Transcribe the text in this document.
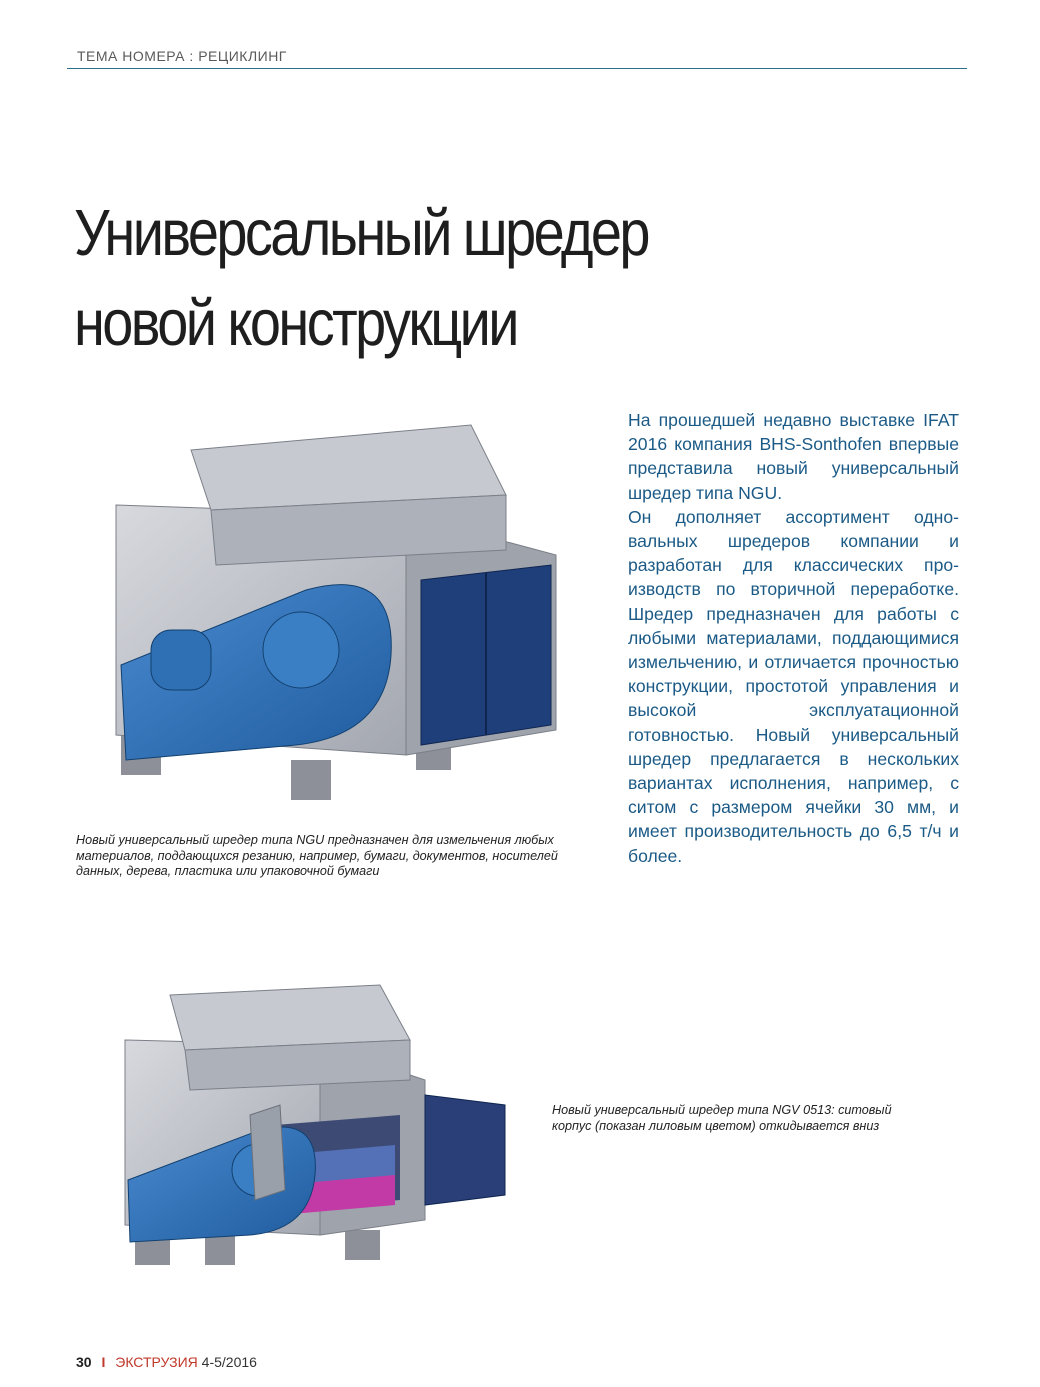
ТЕМА НОМЕРА : РЕЦИКЛИНГ
Универсальный шредер
новой конструкции
Новый универсальный шредер типа NGU предназначен для измельчения любых материалов, поддающихся резанию, например, бумаги, документов, носителей данных, дерева, пластика или упаковочной бумаги

На прошедшей недавно выставке IFAT 2016 компания BHS-Sonthofen впервые представила новый универсальный шредер типа NGU.

Он дополняет ассортимент одновальных шредеров компании и разработан для классических производств по вторичной переработке. Шредер предназначен для работы с любыми материалами, поддающимися измельчению, и отличается прочностью конструкции, простотой управления и высокой эксплуатационной готовностью. Новый универсальный шредер предлагается в нескольких вариантах исполнения, например, с ситом с размером ячейки 30 мм, и имеет производительность до 6,5 т/ч и более.

Новый универсальный шредер типа NGV 0513: ситовый корпус (показан лиловым цветом) откидывается вниз
30 I ЭКСТРУЗИЯ 4-5/2016
